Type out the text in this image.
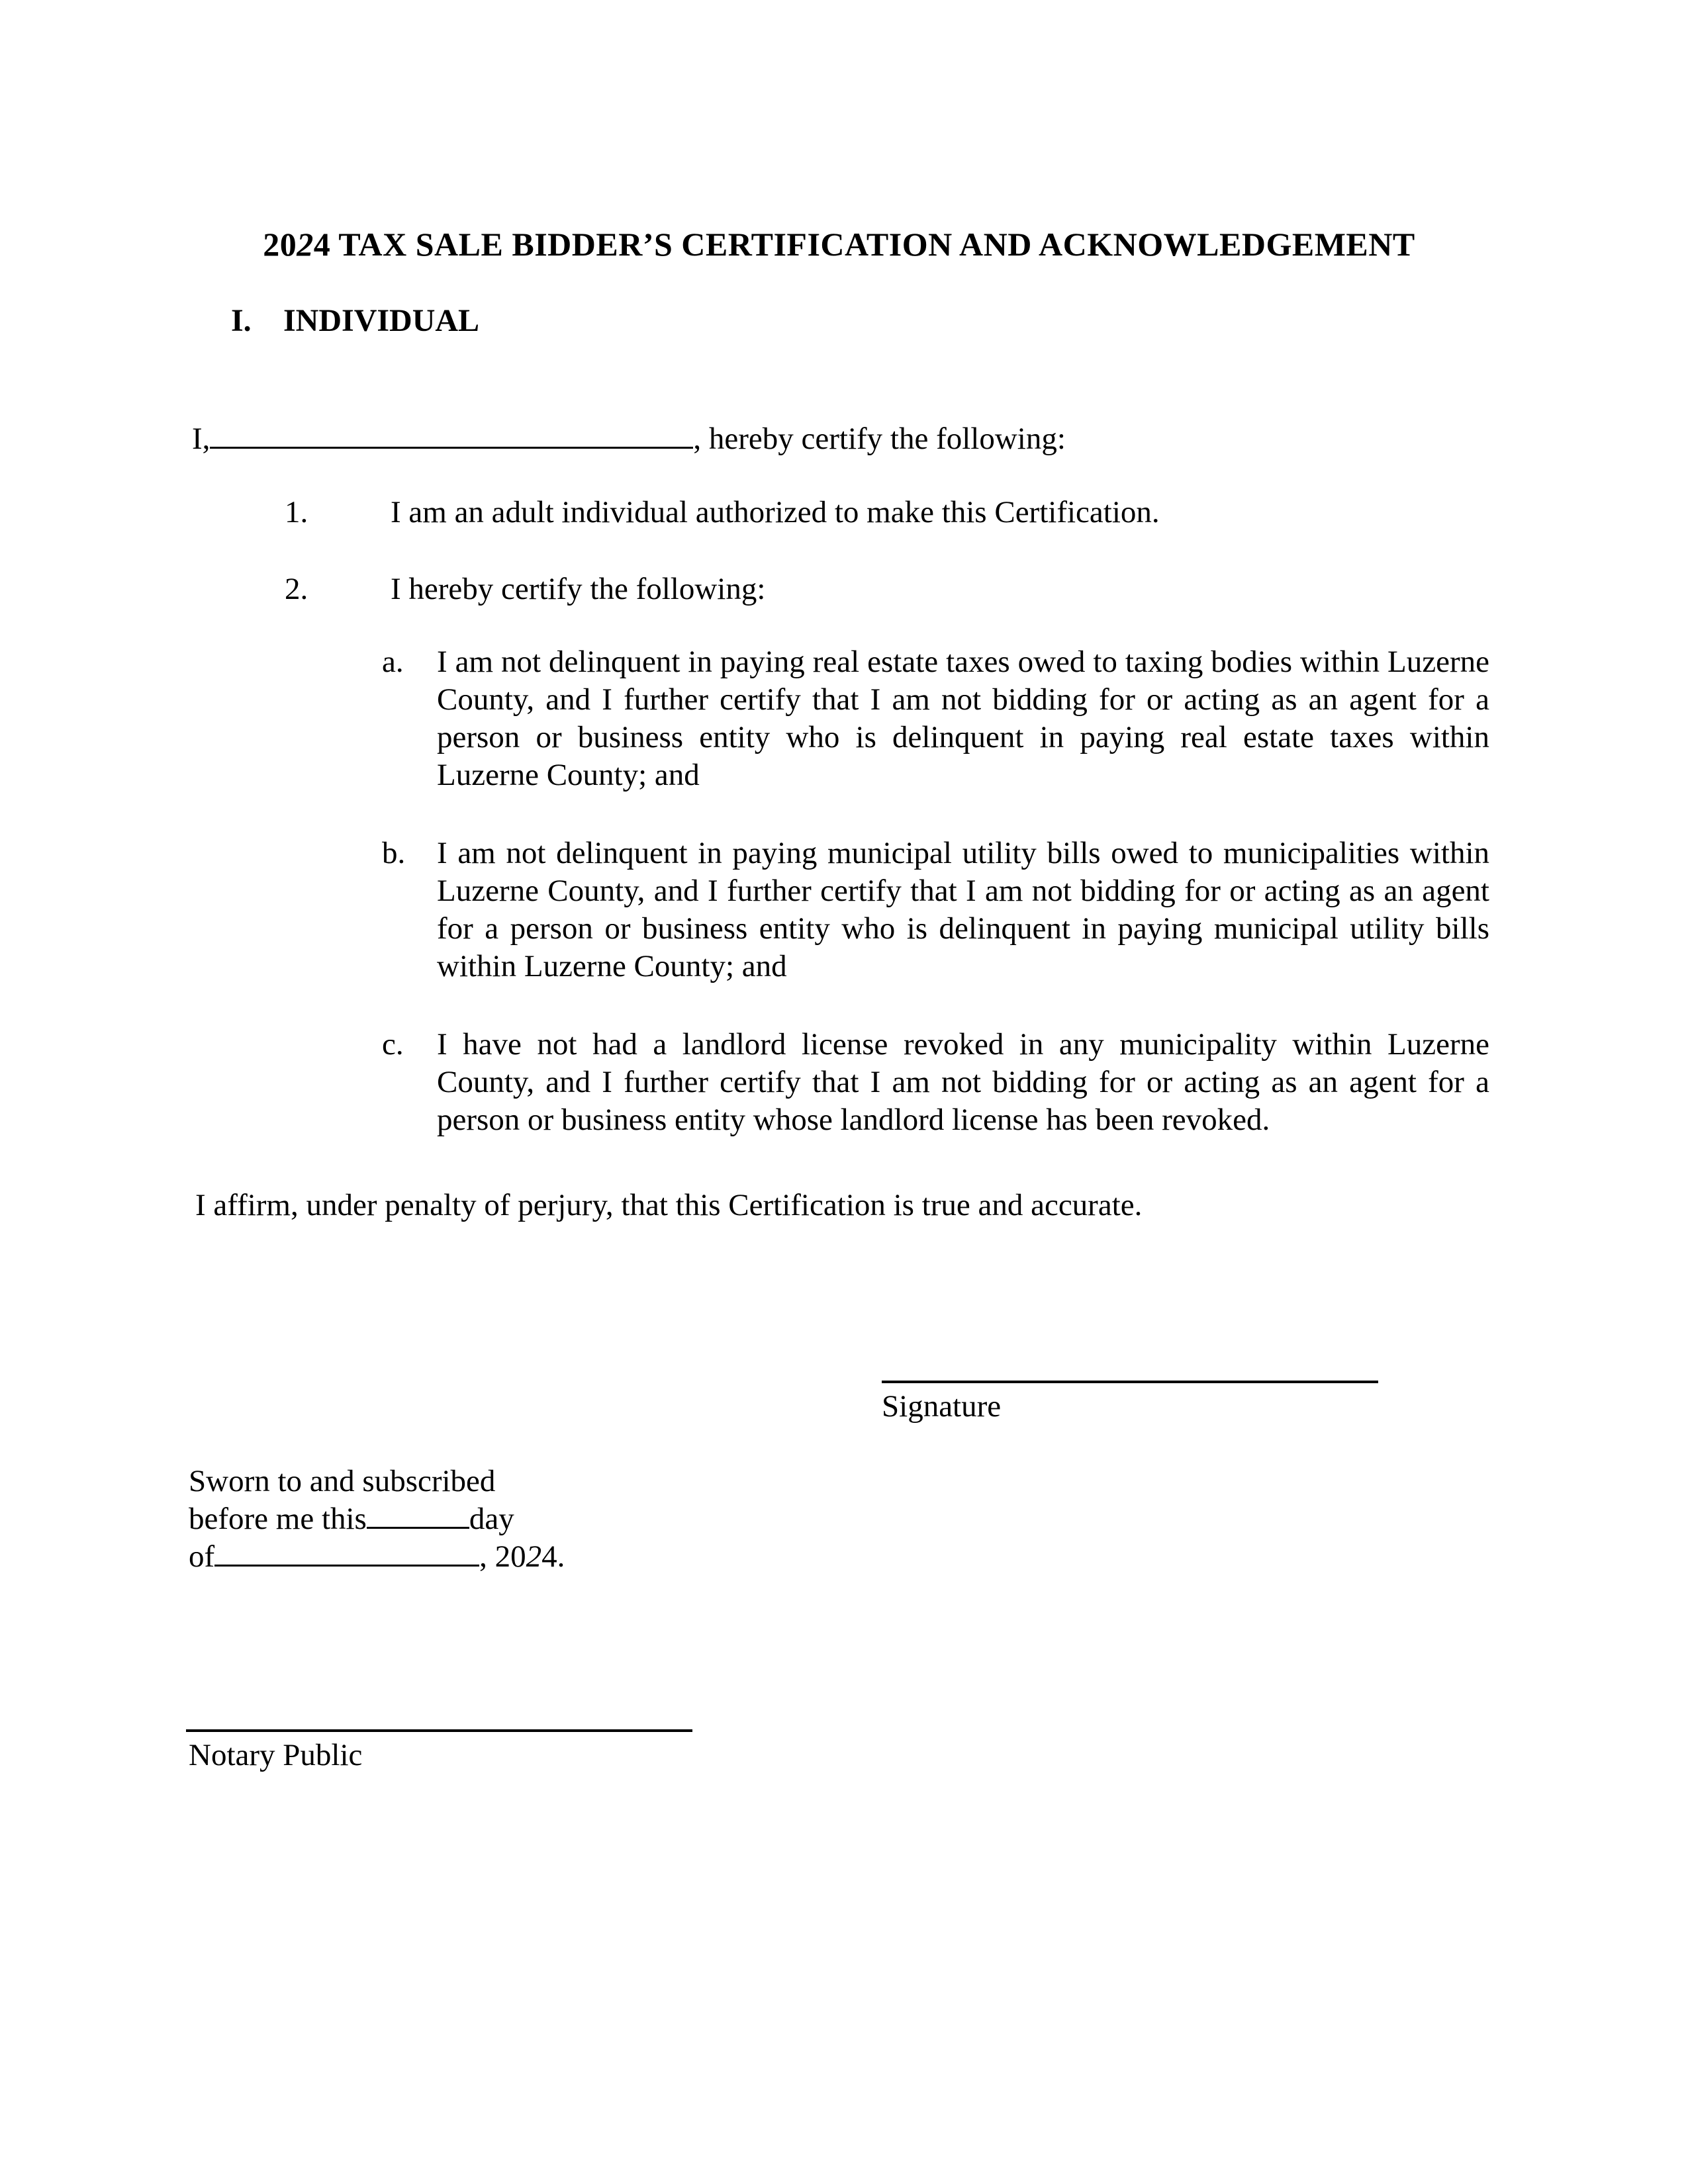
2024 TAX SALE BIDDER’S CERTIFICATION AND ACKNOWLEDGEMENT
I. INDIVIDUAL
I,	, hereby certify the following:
1.	I am an adult individual authorized to make this Certification.
2.	I hereby certify the following:
a. I am not delinquent in paying real estate taxes owed to taxing bodies within Luzerne County, and I further certify that I am not bidding for or acting as an agent for a person or business entity who is delinquent in paying real estate taxes within Luzerne County; and
b. I am not delinquent in paying municipal utility bills owed to municipalities within Luzerne County, and I further certify that I am not bidding for or acting as an agent for a person or business entity who is delinquent in paying municipal utility bills within Luzerne County; and
c. I have not had a landlord license revoked in any municipality within Luzerne County, and I further certify that I am not bidding for or acting as an agent for a person or business entity whose landlord license has been revoked.
I affirm, under penalty of perjury, that this Certification is true and accurate.
Signature
Sworn to and subscribed
before me this	day
of	, 2024.
Notary Public
